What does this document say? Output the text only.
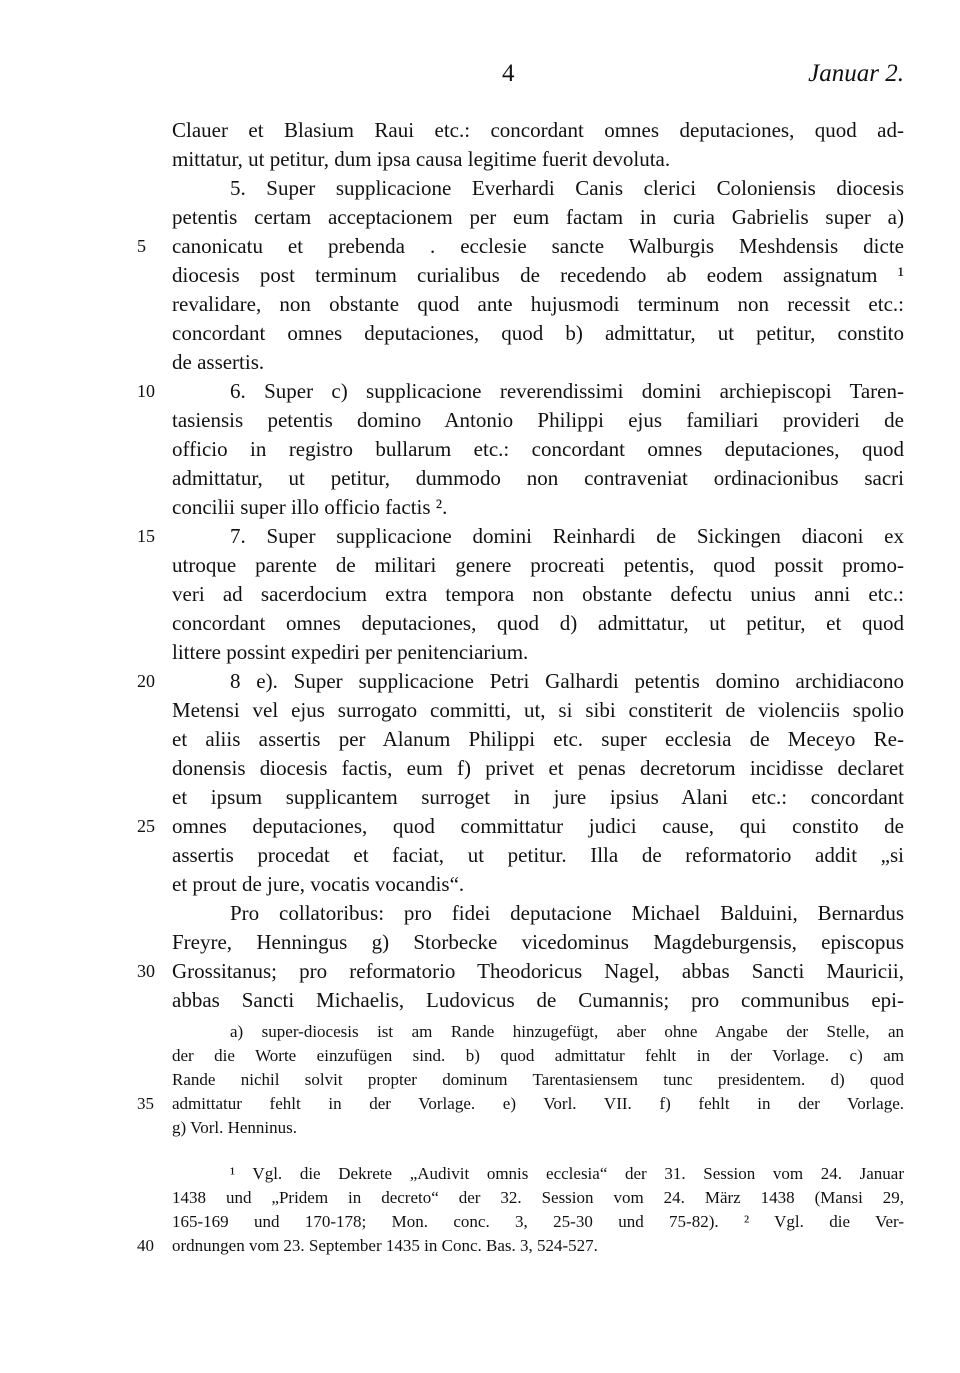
4	Januar 2.
Clauer et Blasium Raui etc.: concordant omnes deputaciones, quod ad-
mittatur, ut petitur, dum ipsa causa legitime fuerit devoluta.
5. Super supplicacione Everhardi Canis clerici Coloniensis diocesis
petentis certam acceptacionem per eum factam in curia Gabrielis super a)
canonicatu et prebenda . ecclesie sancte Walburgis Meshdensis dicte
diocesis post terminum curialibus de recedendo ab eodem assignatum ¹
revalidare, non obstante quod ante hujusmodi terminum non recessit etc.:
concordant omnes deputaciones, quod b) admittatur, ut petitur, constito
de assertis.
6. Super c) supplicacione reverendissimi domini archiepiscopi Taren-
tasiensis petentis domino Antonio Philippi ejus familiari provideri de
officio in registro bullarum etc.: concordant omnes deputaciones, quod
admittatur, ut petitur, dummodo non contraveniat ordinacionibus sacri
concilii super illo officio factis ².
7. Super supplicacione domini Reinhardi de Sickingen diaconi ex
utroque parente de militari genere procreati petentis, quod possit promo-
veri ad sacerdocium extra tempora non obstante defectu unius anni etc.:
concordant omnes deputaciones, quod d) admittatur, ut petitur, et quod
littere possint expediri per penitenciarium.
8 e). Super supplicacione Petri Galhardi petentis domino archidiacono
Metensi vel ejus surrogato committi, ut, si sibi constiterit de violenciis spolio
et aliis assertis per Alanum Philippi etc. super ecclesia de Meceyo Re-
donensis diocesis factis, eum f) privet et penas decretorum incidisse declaret
et ipsum supplicantem surroget in jure ipsius Alani etc.: concordant
omnes deputaciones, quod committatur judici cause, qui constito de
assertis procedat et faciat, ut petitur. Illa de reformatorio addit „si
et prout de jure, vocatis vocandis“.
Pro collatoribus: pro fidei deputacione Michael Balduini, Bernardus
Freyre, Henningus g) Storbecke vicedominus Magdeburgensis, episcopus
Grossitanus; pro reformatorio Theodoricus Nagel, abbas Sancti Mauricii,
abbas Sancti Michaelis, Ludovicus de Cumannis; pro communibus epi-
5
10
15
20
25
30
a) super-diocesis ist am Rande hinzugefügt, aber ohne Angabe der Stelle, an
der die Worte einzufügen sind. b) quod admittatur fehlt in der Vorlage. c) am
Rande nichil solvit propter dominum Tarentasiensem tunc presidentem. d) quod
admittatur fehlt in der Vorlage. e) Vorl. VII. f) fehlt in der Vorlage.
g) Vorl. Henninus.
¹ Vgl. die Dekrete „Audivit omnis ecclesia“ der 31. Session vom 24. Januar
1438 und „Pridem in decreto“ der 32. Session vom 24. März 1438 (Mansi 29,
165-169 und 170-178; Mon. conc. 3, 25-30 und 75-82). ² Vgl. die Ver-
ordnungen vom 23. September 1435 in Conc. Bas. 3, 524-527.
35
40
